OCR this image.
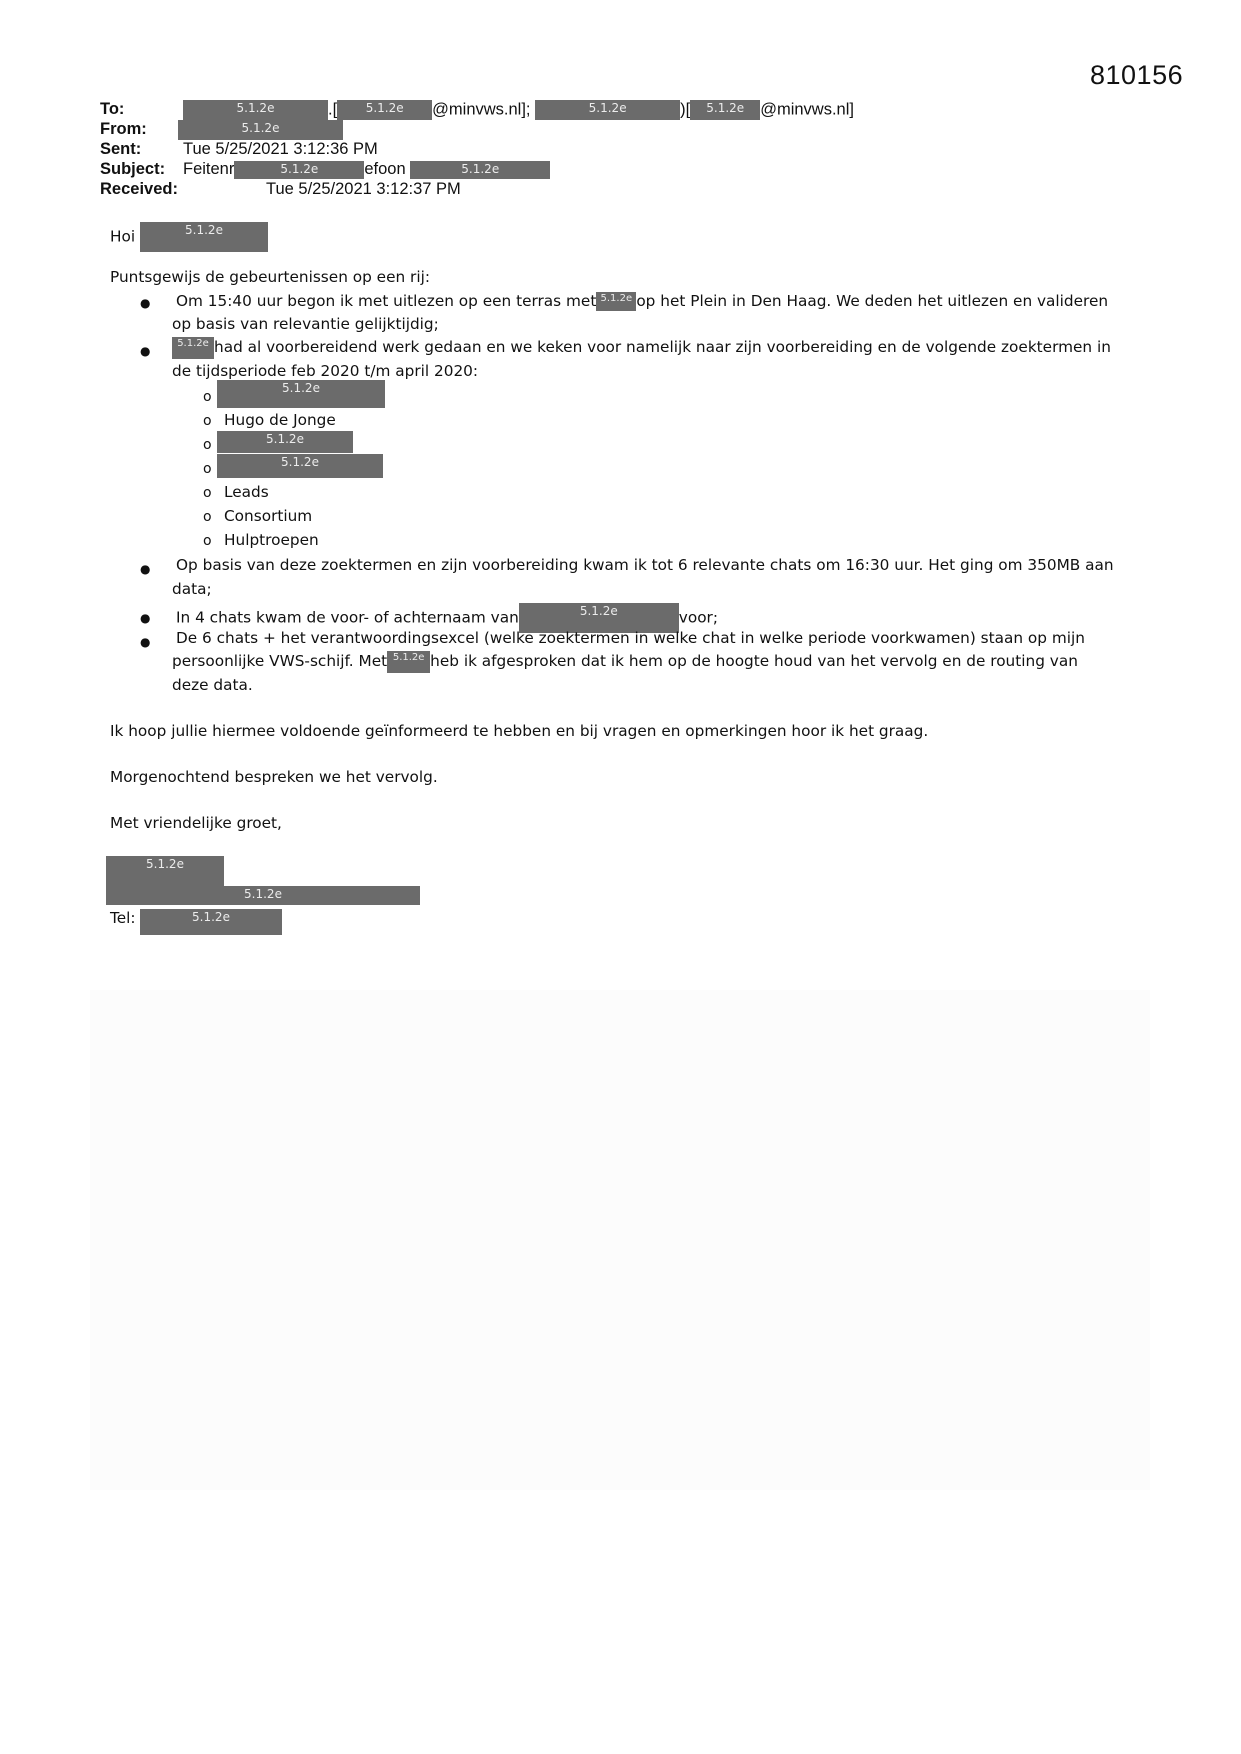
810156
To:	5.1.2e	.[ 5.1.2e @minvws.nl];	5.1.2e	)[ 5.1.2e @minvws.nl]
From:	5.1.2e
Sent:	Tue 5/25/2021 3:12:36 PM
Subject: Feitenr	5.1.2e	efoon	5.1.2e
Received:	Tue 5/25/2021 3:12:37 PM
Hoi	5.1.2e
Puntsgewijs de gebeurtenissen op een rij:
● Om 15:40 uur begon ik met uitlezen op een terras met 5.1.2e op het Plein in Den Haag. We deden het uitlezen en valideren
op basis van relevantie gelijktijdig;
●
5.1.2e had al voorbereidend werk gedaan en we keken voor namelijk naar zijn voorbereiding en de volgende zoektermen in
de tijdsperiode feb 2020 t/m april 2020:
o
5.1.2e
o Hugo de Jonge
o	5.1.2e
o	5.1.2e
o Leads
o Consortium
o Hulptroepen
● Op basis van deze zoektermen en zijn voorbereiding kwam ik tot 6 relevante chats om 16:30 uur. Het ging om 350MB aan
data;
● In 4 chats kwam de voor- of achternaam van	5.1.2e	voor;
● De 6 chats + het verantwoordingsexcel (welke zoektermen in welke chat in welke periode voorkwamen) staan op mijn
persoonlijke VWS-schijf. Met 5.1.2e heb ik afgesproken dat ik hem op de hoogte houd van het vervolg en de routing van
deze data.
Ik hoop jullie hiermee voldoende geïnformeerd te hebben en bij vragen en opmerkingen hoor ik het graag.
Morgenochtend bespreken we het vervolg.
Met vriendelijke groet,
5.1.2e
5.1.2e
Tel:	5.1.2e
